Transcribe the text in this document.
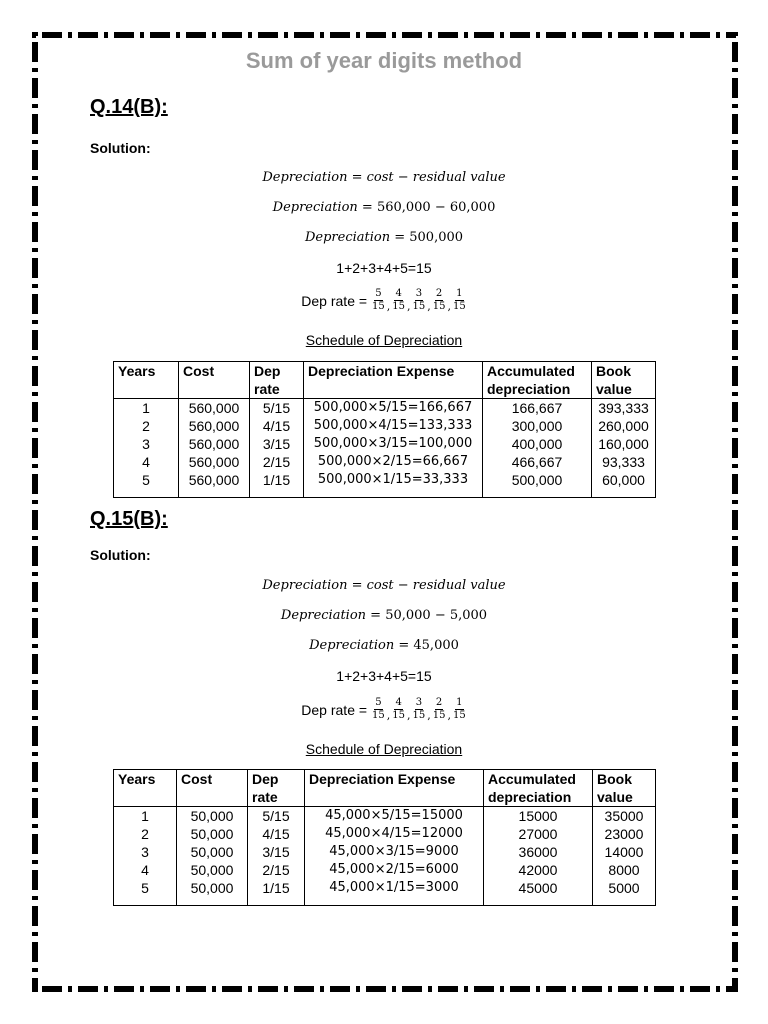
Sum of year digits method
Q.14(B):
Solution:
Depreciation = cost − residual value
Depreciation = 560,000 − 60,000
Depreciation = 500,000
1+2+3+4+5=15
Dep rate = $\frac{5}{15}$ , $\frac{4}{15}$ , $\frac{3}{15}$ , $\frac{2}{15}$ , $\frac{1}{15}$
Schedule of Depreciation
Years	Cost	Dep rate	Depreciation Expense	Accumulated depreciation	Book value
1	560,000	5/15	500,000×5/15=166,667	166,667	393,333
2	560,000	4/15	500,000×4/15=133,333	300,000	260,000
3	560,000	3/15	500,000×3/15=100,000	400,000	160,000
4	560,000	2/15	500,000×2/15=66,667	466,667	93,333
5	560,000	1/15	500,000×1/15=33,333	500,000	60,000

Q.15(B):
Solution:
Depreciation = cost − residual value
Depreciation = 50,000 − 5,000
Depreciation = 45,000
1+2+3+4+5=15
Dep rate = $\frac{5}{15}$ , $\frac{4}{15}$ , $\frac{3}{15}$ , $\frac{2}{15}$ , $\frac{1}{15}$
Schedule of Depreciation
Years	Cost	Dep rate	Depreciation Expense	Accumulated depreciation	Book value
1	50,000	5/15	45,000×5/15=15000	15000	35000
2	50,000	4/15	45,000×4/15=12000	27000	23000
3	50,000	3/15	45,000×3/15=9000	36000	14000
4	50,000	2/15	45,000×2/15=6000	42000	8000
5	50,000	1/15	45,000×1/15=3000	45000	5000
